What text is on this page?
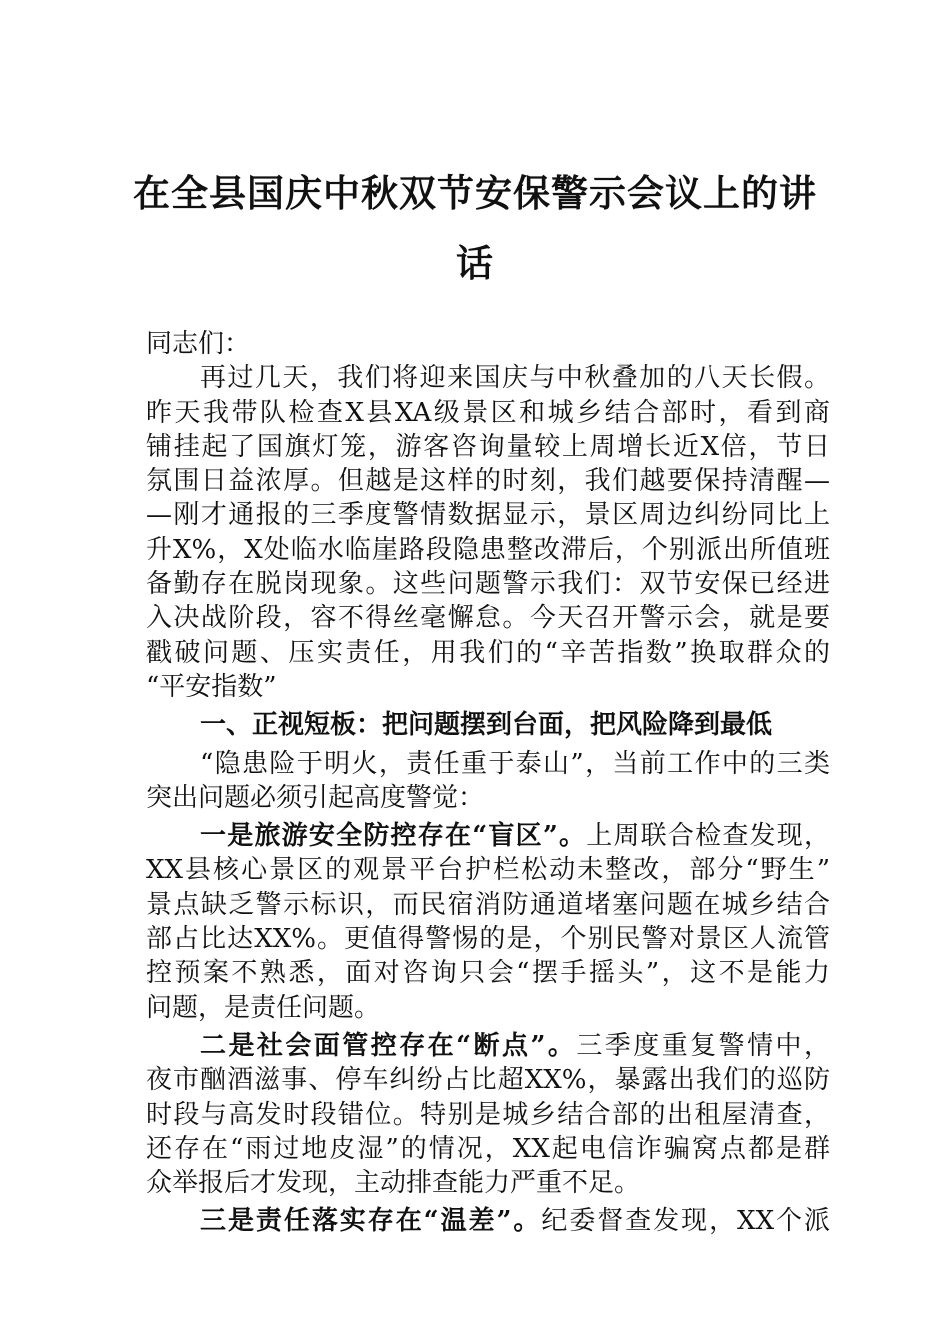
在全县国庆中秋双节安保警示会议上的讲
话
同志们：
再过几天，我们将迎来国庆与中秋叠加的八天长假。
昨天我带队检查X县XA级景区和城乡结合部时，看到商
铺挂起了国旗灯笼，游客咨询量较上周增长近X倍，节日
氛围日益浓厚。但越是这样的时刻，我们越要保持清醒—
—刚才通报的三季度警情数据显示，景区周边纠纷同比上
升X%，X处临水临崖路段隐患整改滞后，个别派出所值班
备勤存在脱岗现象。这些问题警示我们：双节安保已经进
入决战阶段，容不得丝毫懈怠。今天召开警示会，就是要
戳破问题、压实责任，用我们的“辛苦指数”换取群众的
“平安指数”
一、正视短板：把问题摆到台面，把风险降到最低
“隐患险于明火，责任重于泰山”，当前工作中的三类
突出问题必须引起高度警觉：
一是旅游安全防控存在“盲区”。上周联合检查发现，
XX县核心景区的观景平台护栏松动未整改，部分“野生”
景点缺乏警示标识，而民宿消防通道堵塞问题在城乡结合
部占比达XX%。更值得警惕的是，个别民警对景区人流管
控预案不熟悉，面对咨询只会“摆手摇头”，这不是能力
问题，是责任问题。
二是社会面管控存在“断点”。三季度重复警情中，
夜市酗酒滋事、停车纠纷占比超XX%，暴露出我们的巡防
时段与高发时段错位。特别是城乡结合部的出租屋清查，
还存在“雨过地皮湿”的情况，XX起电信诈骗窝点都是群
众举报后才发现，主动排查能力严重不足。
三是责任落实存在“温差”。纪委督查发现，XX个派
